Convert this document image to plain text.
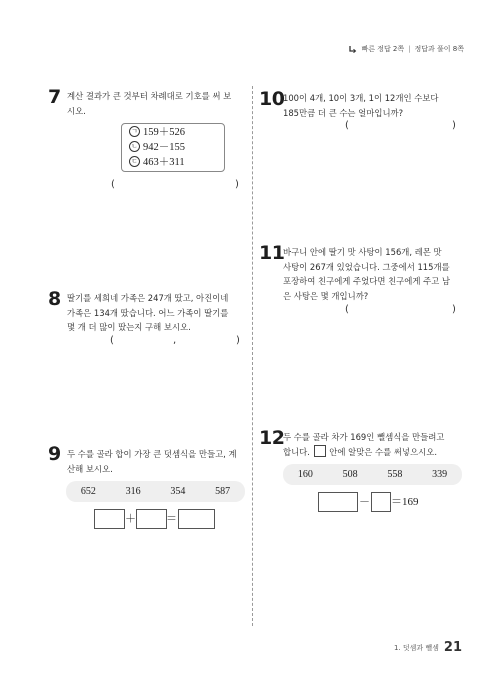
빠른 정답 2쪽 | 정답과 풀이 8쪽
7 계산 결과가 큰 것부터 차례대로 기호를 써 보
시오.
ㄱ 159＋526
ㄴ 942－155
ㄷ 463＋311
(	)
8 딸기를 세희네 가족은 247개 땄고, 아진이네
가족은 134개 땄습니다. 어느 가족이 딸기를
몇 개 더 많이 땄는지 구해 보시오.
(	,	)
9 두 수를 골라 합이 가장 큰 덧셈식을 만들고, 계
산해 보시오.
652	316	354	587
＋	＝
10
100이 4개, 10이 3개, 1이 12개인 수보다
185만큼 더 큰 수는 얼마입니까?
(	)
11
바구니 안에 딸기 맛 사탕이 156개, 레몬 맛
사탕이 267개 있었습니다. 그중에서 115개를
포장하여 친구에게 주었다면 친구에게 주고 남
은 사탕은 몇 개입니까?
(	)
12
두 수를 골라 차가 169인 뺄셈식을 만들려고
합니다. 안에 알맞은 수를 써넣으시오.
160	508	558	339
－ ＝169
1. 덧셈과 뺄셈 21
